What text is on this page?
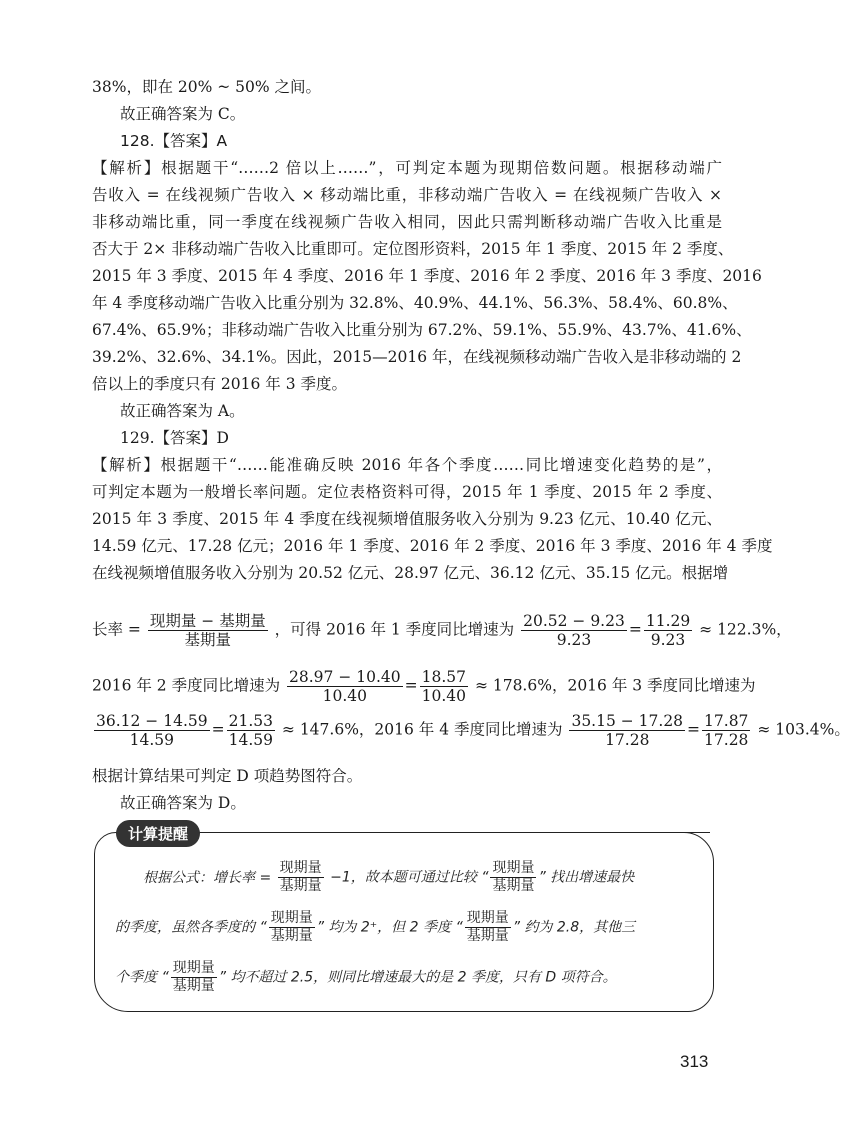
38%，即在 20% ~ 50% 之间。
故正确答案为 C。
128.【答案】A
【解析】根据题干“……2 倍以上……”，可判定本题为现期倍数问题。根据移动端广
告收入 = 在线视频广告收入 × 移动端比重，非移动端广告收入 = 在线视频广告收入 ×
非移动端比重，同一季度在线视频广告收入相同，因此只需判断移动端广告收入比重是
否大于 2× 非移动端广告收入比重即可。定位图形资料，2015 年 1 季度、2015 年 2 季度、
2015 年 3 季度、2015 年 4 季度、2016 年 1 季度、2016 年 2 季度、2016 年 3 季度、2016
年 4 季度移动端广告收入比重分别为 32.8%、40.9%、44.1%、56.3%、58.4%、60.8%、
67.4%、65.9%；非移动端广告收入比重分别为 67.2%、59.1%、55.9%、43.7%、41.6%、
39.2%、32.6%、34.1%。因此，2015—2016 年，在线视频移动端广告收入是非移动端的 2
倍以上的季度只有 2016 年 3 季度。
故正确答案为 A。
129.【答案】D
【解析】根据题干“……能准确反映 2016 年各个季度……同比增速变化趋势的是”，
可判定本题为一般增长率问题。定位表格资料可得，2015 年 1 季度、2015 年 2 季度、
2015 年 3 季度、2015 年 4 季度在线视频增值服务收入分别为 9.23 亿元、10.40 亿元、
14.59 亿元、17.28 亿元；2016 年 1 季度、2016 年 2 季度、2016 年 3 季度、2016 年 4 季度
在线视频增值服务收入分别为 20.52 亿元、28.97 亿元、36.12 亿元、35.15 亿元。根据增
长率 = $\frac{\text{现期量 − 基期量}}{\text{基期量}}$ ，可得 2016 年 1 季度同比增速为 $\frac{20.52 - 9.23}{9.23} = \frac{11.29}{9.23} \approx 122.3\%$，
2016 年 2 季度同比增速为 $\frac{28.97 - 10.40}{10.40} = \frac{18.57}{10.40} \approx 178.6\%$，2016 年 3 季度同比增速为
$\frac{36.12 - 14.59}{14.59} = \frac{21.53}{14.59} \approx 147.6\%$，2016 年 4 季度同比增速为 $\frac{35.15 - 17.28}{17.28} = \frac{17.87}{17.28} \approx 103.4\%$。
根据计算结果可判定 D 项趋势图符合。
故正确答案为 D。
计算提醒
根据公式：增长率 = $\frac{\text{现期量}}{\text{基期量}} -1$，故本题可通过比较 “ $\frac{\text{现期量}}{\text{基期量}}$ ” 找出增速最快
的季度，虽然各季度的 “ $\frac{\text{现期量}}{\text{基期量}}$ ” 均为 2⁺，但 2 季度 “ $\frac{\text{现期量}}{\text{基期量}}$ ” 约为 2.8，其他三
个季度 “ $\frac{\text{现期量}}{\text{基期量}}$ ” 均不超过 2.5，则同比增速最大的是 2 季度，只有 D 项符合。
313
